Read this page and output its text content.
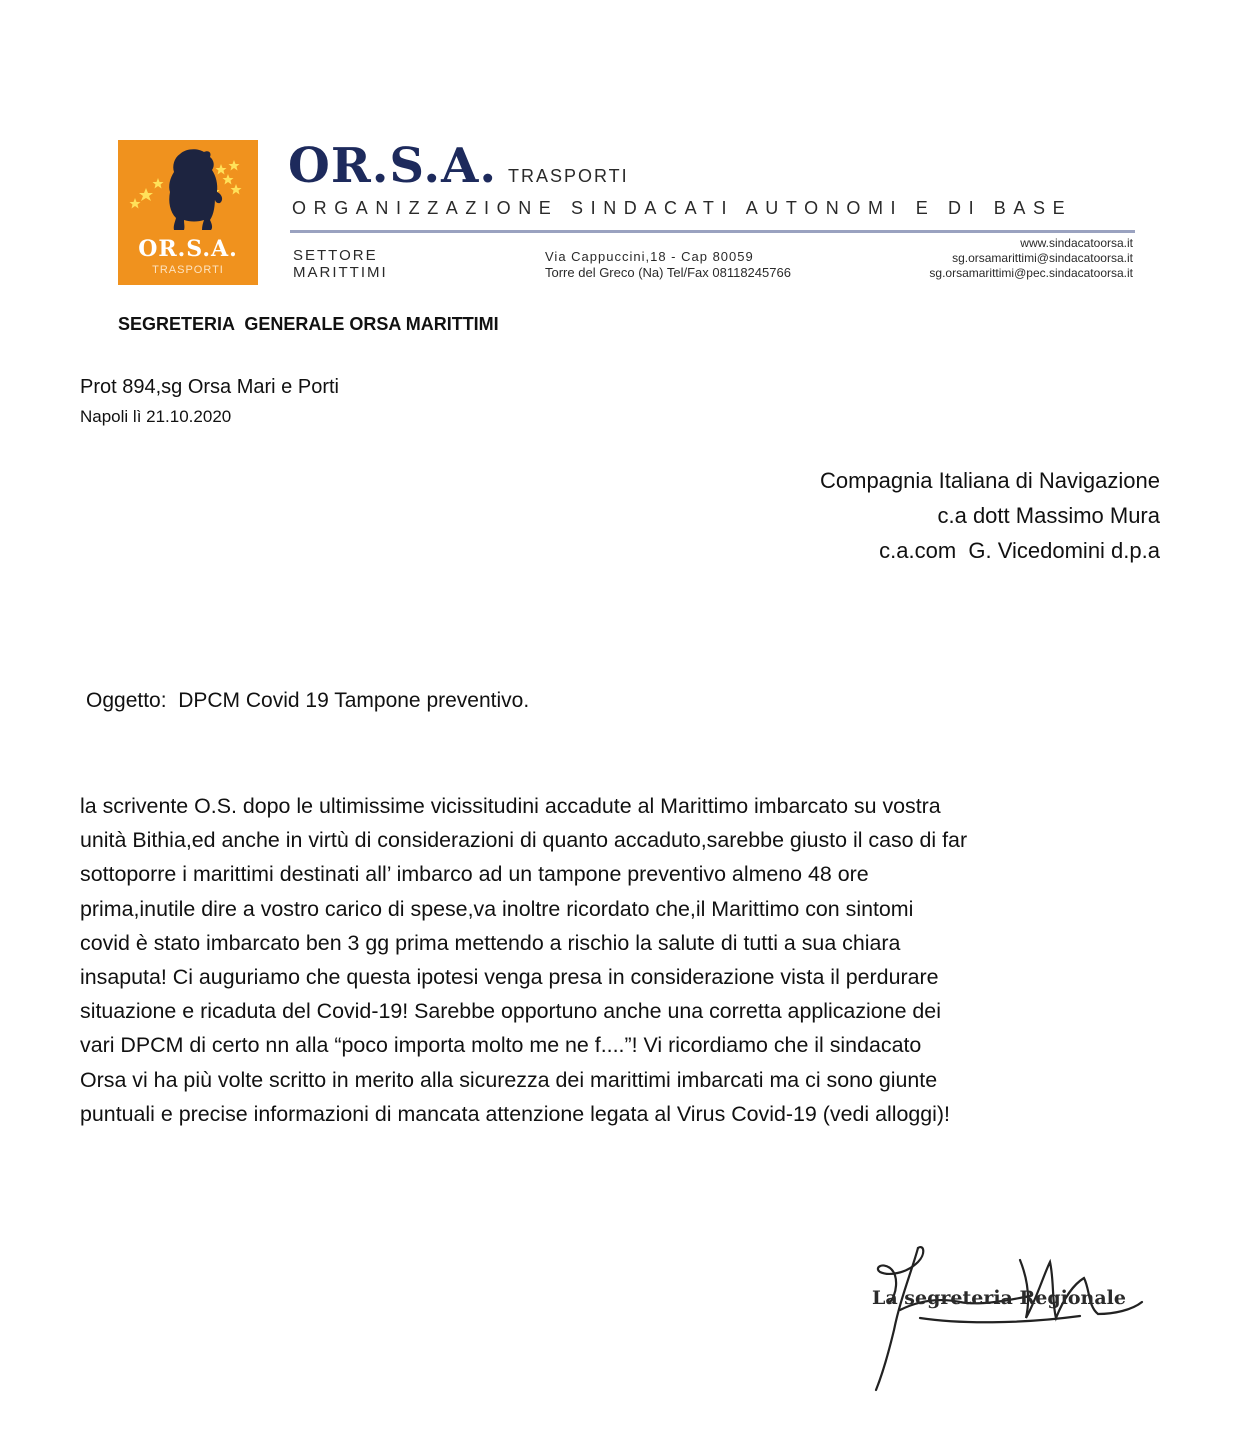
OR.S.A.
TRASPORTI
OR.S.A. TRASPORTI
ORGANIZZAZIONE SINDACATI AUTONOMI E DI BASE
SETTORE
MARITTIMI
Via Cappuccini,18 - Cap 80059
Torre del Greco (Na) Tel/Fax 08118245766
www.sindacatoorsa.it
sg.orsamarittimi@sindacatoorsa.it
sg.orsamarittimi@pec.sindacatoorsa.it
SEGRETERIA  GENERALE ORSA MARITTIMI
Prot 894,sg Orsa Mari e Porti
Napoli lì 21.10.2020
Compagnia Italiana di Navigazione
c.a dott Massimo Mura
c.a.com  G. Vicedomini d.p.a
Oggetto:  DPCM Covid 19 Tampone preventivo.
la scrivente O.S. dopo le ultimissime vicissitudini accadute al Marittimo imbarcato su vostra
unità Bithia,ed anche in virtù di considerazioni di quanto accaduto,sarebbe giusto il caso di far
sottoporre i marittimi destinati all’ imbarco ad un tampone preventivo almeno 48 ore
prima,inutile dire a vostro carico di spese,va inoltre ricordato che,il Marittimo con sintomi
covid è stato imbarcato ben 3 gg prima mettendo a rischio la salute di tutti a sua chiara
insaputa! Ci auguriamo che questa ipotesi venga presa in considerazione vista il perdurare
situazione e ricaduta del Covid-19! Sarebbe opportuno anche una corretta applicazione dei
vari DPCM di certo nn alla “poco importa molto me ne f....”! Vi ricordiamo che il sindacato
Orsa vi ha più volte scritto in merito alla sicurezza dei marittimi imbarcati ma ci sono giunte
puntuali e precise informazioni di mancata attenzione legata al Virus Covid-19 (vedi alloggi)!
La segreteria Regionale
